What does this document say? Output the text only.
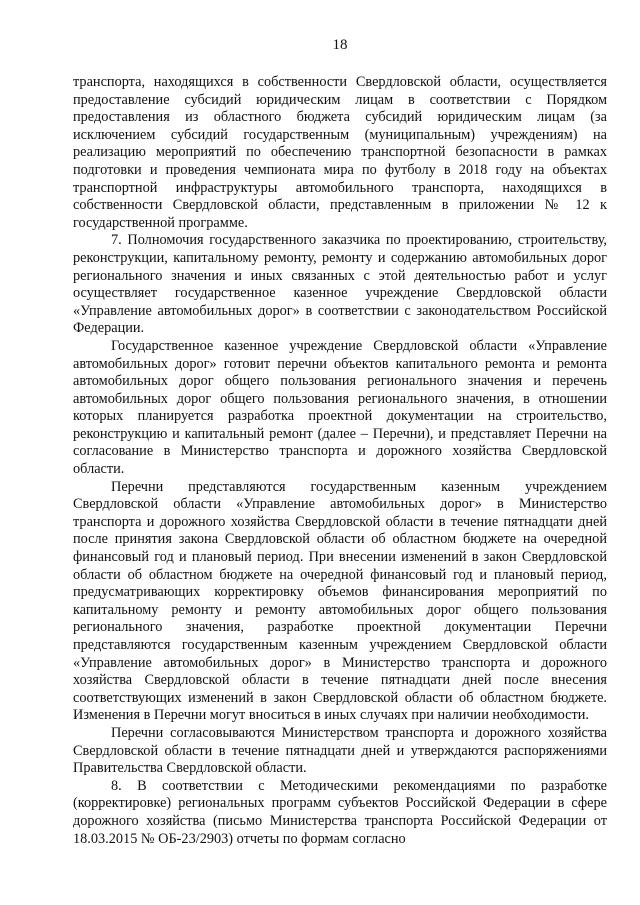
18

транспорта, находящихся в собственности Свердловской области, осуществляется предоставление субсидий юридическим лицам в соответствии с Порядком предоставления из областного бюджета субсидий юридическим лицам (за исключением субсидий государственным (муниципальным) учреждениям) на реализацию мероприятий по обеспечению транспортной безопасности в рамках подготовки и проведения чемпионата мира по футболу в 2018 году на объектах транспортной инфраструктуры автомобильного транспорта, находящихся в собственности Свердловской области, представленным в приложении № 12 к государственной программе.

7. Полномочия государственного заказчика по проектированию, строительству, реконструкции, капитальному ремонту, ремонту и содержанию автомобильных дорог регионального значения и иных связанных с этой деятельностью работ и услуг осуществляет государственное казенное учреждение Свердловской области «Управление автомобильных дорог» в соответствии с законодательством Российской Федерации.

Государственное казенное учреждение Свердловской области «Управление автомобильных дорог» готовит перечни объектов капитального ремонта и ремонта автомобильных дорог общего пользования регионального значения и перечень автомобильных дорог общего пользования регионального значения, в отношении которых планируется разработка проектной документации на строительство, реконструкцию и капитальный ремонт (далее – Перечни), и представляет Перечни на согласование в Министерство транспорта и дорожного хозяйства Свердловской области.

Перечни представляются государственным казенным учреждением Свердловской области «Управление автомобильных дорог» в Министерство транспорта и дорожного хозяйства Свердловской области в течение пятнадцати дней после принятия закона Свердловской области об областном бюджете на очередной финансовый год и плановый период. При внесении изменений в закон Свердловской области об областном бюджете на очередной финансовый год и плановый период, предусматривающих корректировку объемов финансирования мероприятий по капитальному ремонту и ремонту автомобильных дорог общего пользования регионального значения, разработке проектной документации Перечни представляются государственным казенным учреждением Свердловской области «Управление автомобильных дорог» в Министерство транспорта и дорожного хозяйства Свердловской области в течение пятнадцати дней после внесения соответствующих изменений в закон Свердловской области об областном бюджете. Изменения в Перечни могут вноситься в иных случаях при наличии необходимости.

Перечни согласовываются Министерством транспорта и дорожного хозяйства Свердловской области в течение пятнадцати дней и утверждаются распоряжениями Правительства Свердловской области.

8. В соответствии с Методическими рекомендациями по разработке (корректировке) региональных программ субъектов Российской Федерации в сфере дорожного хозяйства (письмо Министерства транспорта Российской Федерации от 18.03.2015 № ОБ-23/2903) отчеты по формам согласно
